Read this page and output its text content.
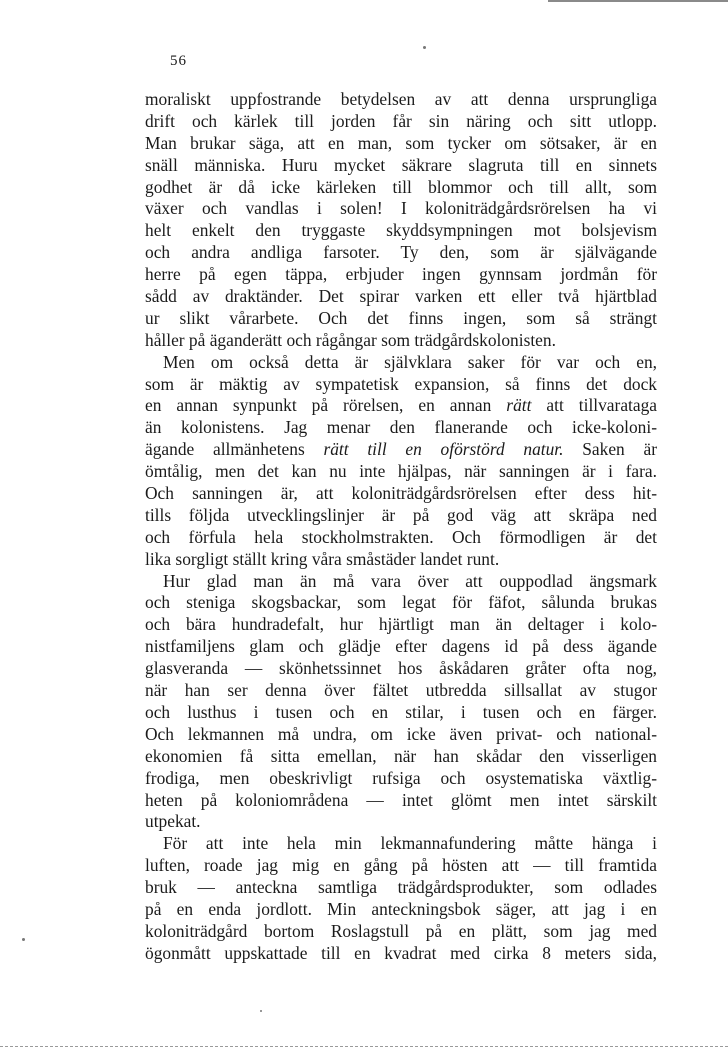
56
moraliskt uppfostrande betydelsen av att denna ursprungliga
drift och kärlek till jorden får sin näring och sitt utlopp.
Man brukar säga, att en man, som tycker om sötsaker, är en
snäll människa. Huru mycket säkrare slagruta till en sinnets
godhet är då icke kärleken till blommor och till allt, som
växer och vandlas i solen! I koloniträdgårdsrörelsen ha vi
helt enkelt den tryggaste skyddsympningen mot bolsjevism
och andra andliga farsoter. Ty den, som är självägande
herre på egen täppa, erbjuder ingen gynnsam jordmån för
sådd av draktänder. Det spirar varken ett eller två hjärtblad
ur slikt vårarbete. Och det finns ingen, som så strängt
håller på äganderätt och rågångar som trädgårdskolonisten.
Men om också detta är självklara saker för var och en,
som är mäktig av sympatetisk expansion, så finns det dock
en annan synpunkt på rörelsen, en annan rätt att tillvarataga
än kolonistens. Jag menar den flanerande och icke-koloni-
ägande allmänhetens rätt till en oförstörd natur. Saken är
ömtålig, men det kan nu inte hjälpas, när sanningen är i fara.
Och sanningen är, att koloniträdgårdsrörelsen efter dess hit-
tills följda utvecklingslinjer är på god väg att skräpa ned
och förfula hela stockholmstrakten. Och förmodligen är det
lika sorgligt ställt kring våra småstäder landet runt.
Hur glad man än må vara över att ouppodlad ängsmark
och steniga skogsbackar, som legat för fäfot, sålunda brukas
och bära hundradefalt, hur hjärtligt man än deltager i kolo-
nistfamiljens glam och glädje efter dagens id på dess ägande
glasveranda — skönhetssinnet hos åskådaren gråter ofta nog,
när han ser denna över fältet utbredda sillsallat av stugor
och lusthus i tusen och en stilar, i tusen och en färger.
Och lekmannen må undra, om icke även privat- och national-
ekonomien få sitta emellan, när han skådar den visserligen
frodiga, men obeskrivligt rufsiga och osystematiska växtlig-
heten på koloniområdena — intet glömt men intet särskilt
utpekat.
För att inte hela min lekmannafundering måtte hänga i
luften, roade jag mig en gång på hösten att — till framtida
bruk — anteckna samtliga trädgårdsprodukter, som odlades
på en enda jordlott. Min anteckningsbok säger, att jag i en
koloniträdgård bortom Roslagstull på en plätt, som jag med
ögonmått uppskattade till en kvadrat med cirka 8 meters sida,
